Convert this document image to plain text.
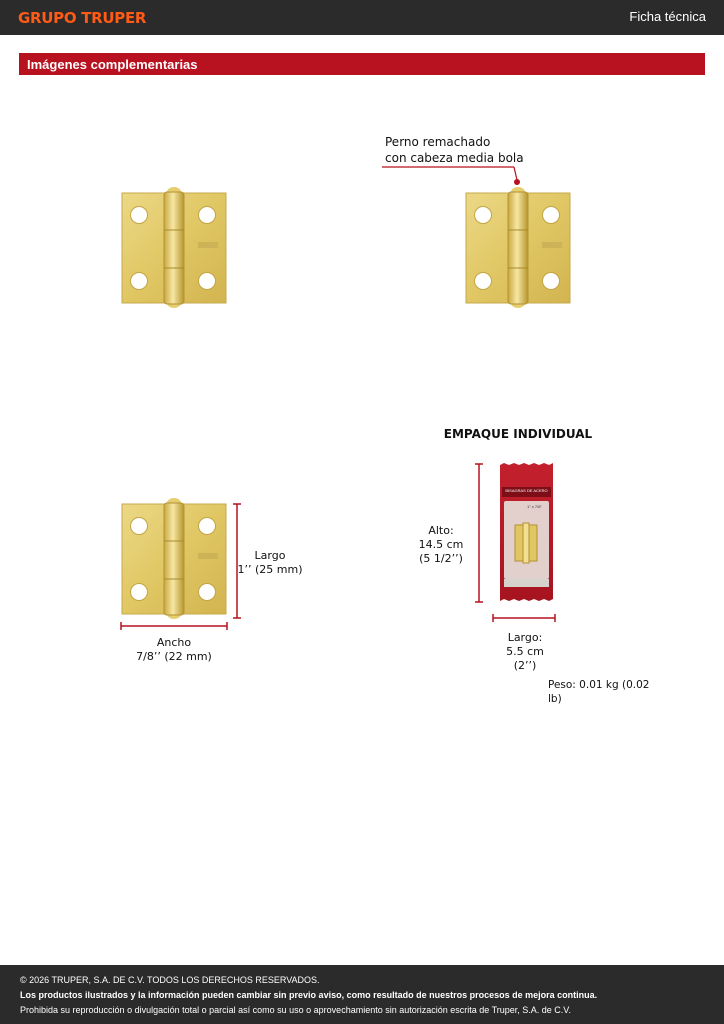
GRUPO TRUPER	Ficha técnica
Imágenes complementarias
Perno remachado
con cabeza media bola
Largo
1’’ (25 mm)
Ancho
7/8’’ (22 mm)
EMPAQUE INDIVIDUAL
BISAGRAS DE ACERO
1" x 7/8"
Alto:
14.5 cm
(5 1/2’’)
Largo:
5.5 cm
(2’’)
Peso: 0.01 kg (0.02 lb)
© 2026 TRUPER, S.A. DE C.V. TODOS LOS DERECHOS RESERVADOS.
Los productos ilustrados y la información pueden cambiar sin previo aviso, como resultado de nuestros procesos de mejora continua.
Prohibida su reproducción o divulgación total o parcial así como su uso o aprovechamiento sin autorización escrita de Truper, S.A. de C.V.
